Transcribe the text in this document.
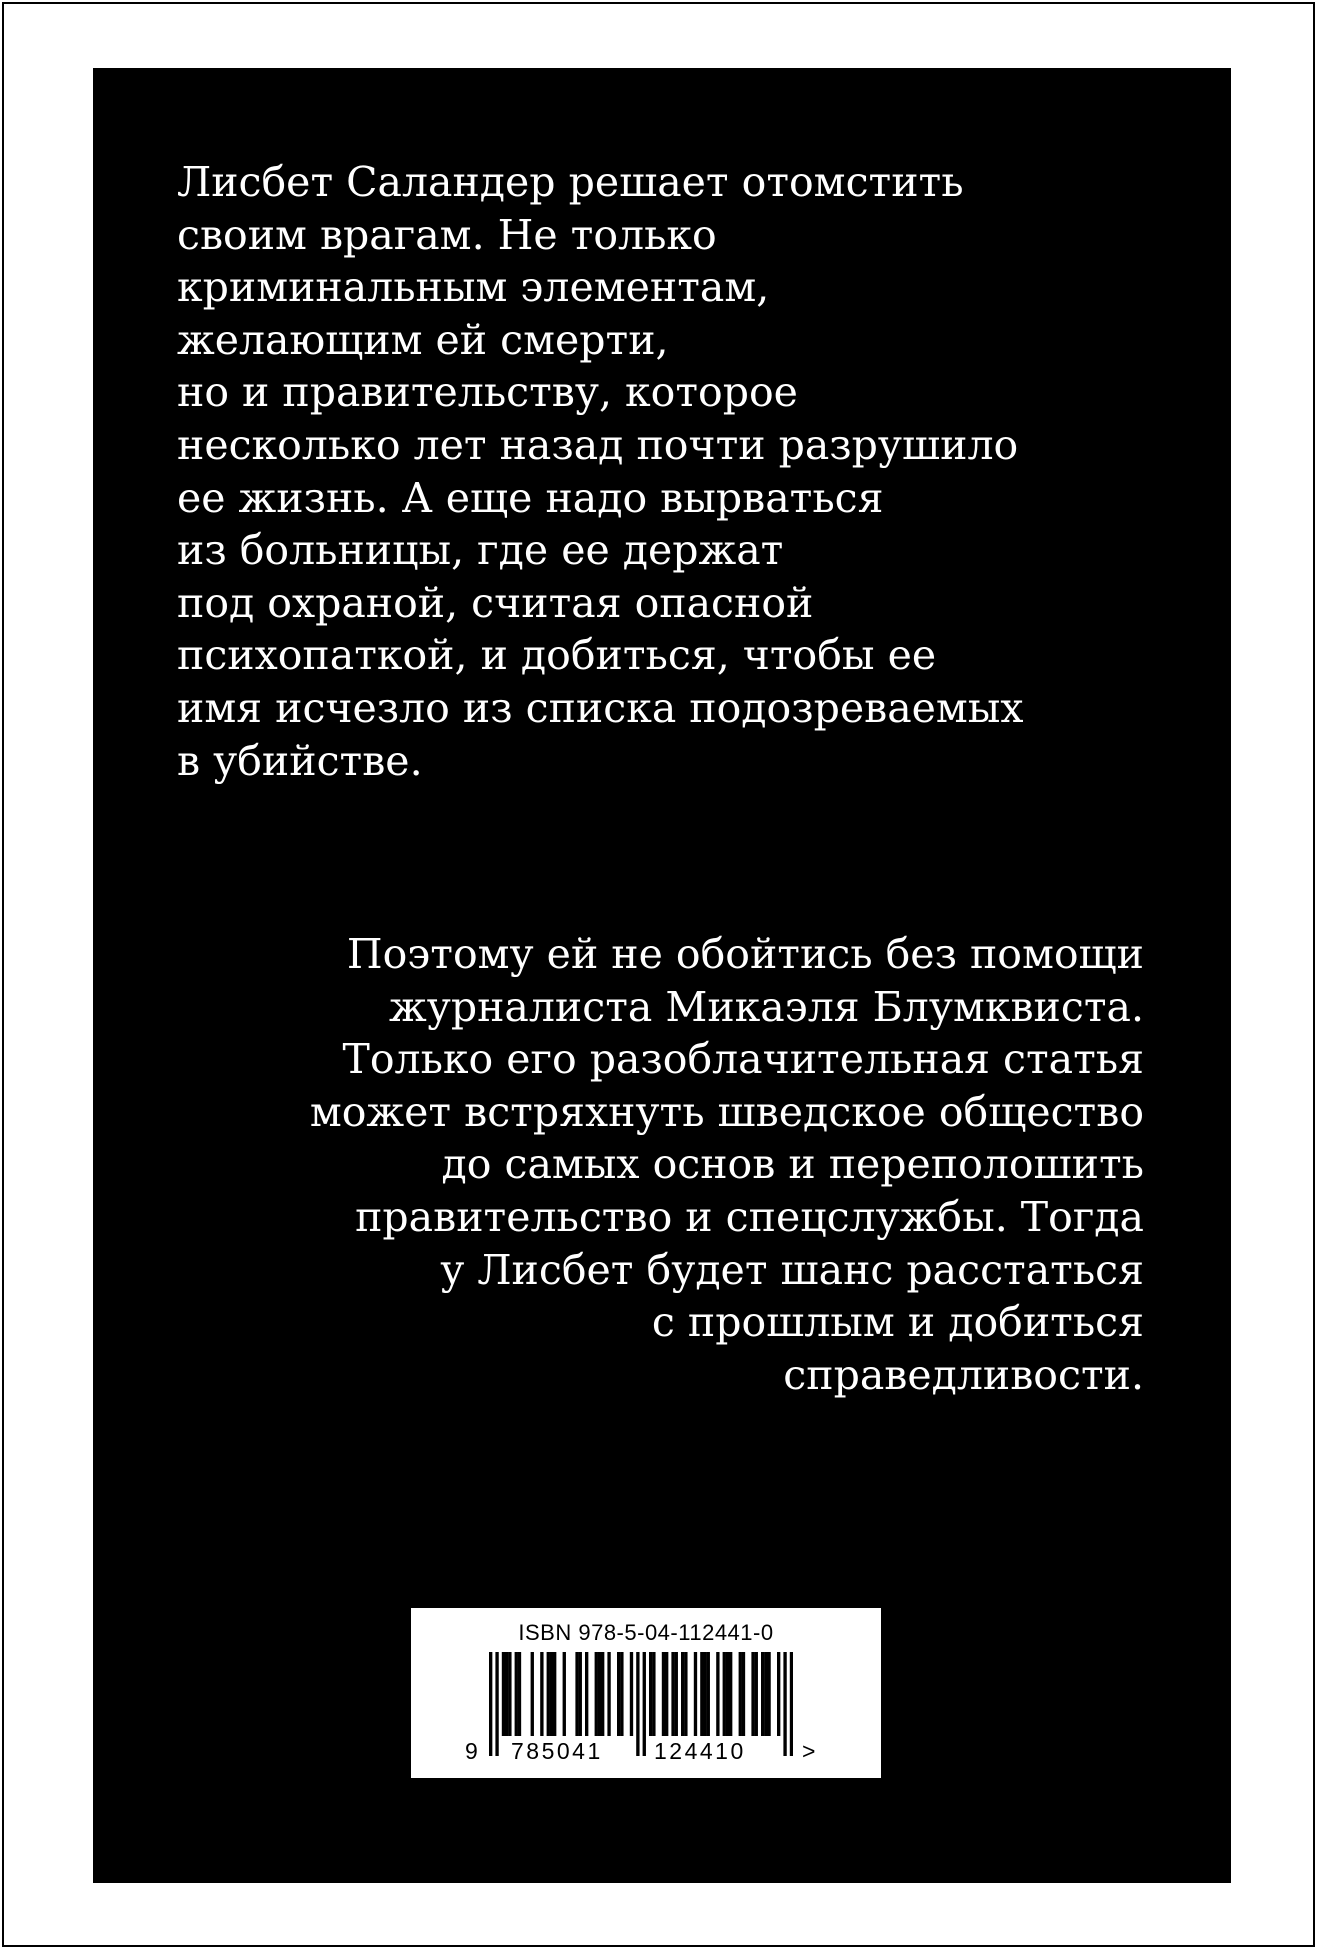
Лисбет Саландер решает отомстить
своим врагам. Не только
криминальным элементам,
желающим ей смерти,
но и правительству, которое
несколько лет назад почти разрушило
ее жизнь. А еще надо вырваться
из больницы, где ее держат
под охраной, считая опасной
психопаткой, и добиться, чтобы ее
имя исчезло из списка подозреваемых
в убийстве.
Поэтому ей не обойтись без помощи
журналиста Микаэля Блумквиста.
Только его разоблачительная статья
может встряхнуть шведское общество
до самых основ и переполошить
правительство и спецслужбы. Тогда
у Лисбет будет шанс расстаться
с прошлым и добиться
справедливости.
ISBN 978-5-04-112441-0
9 785041 124410 >
